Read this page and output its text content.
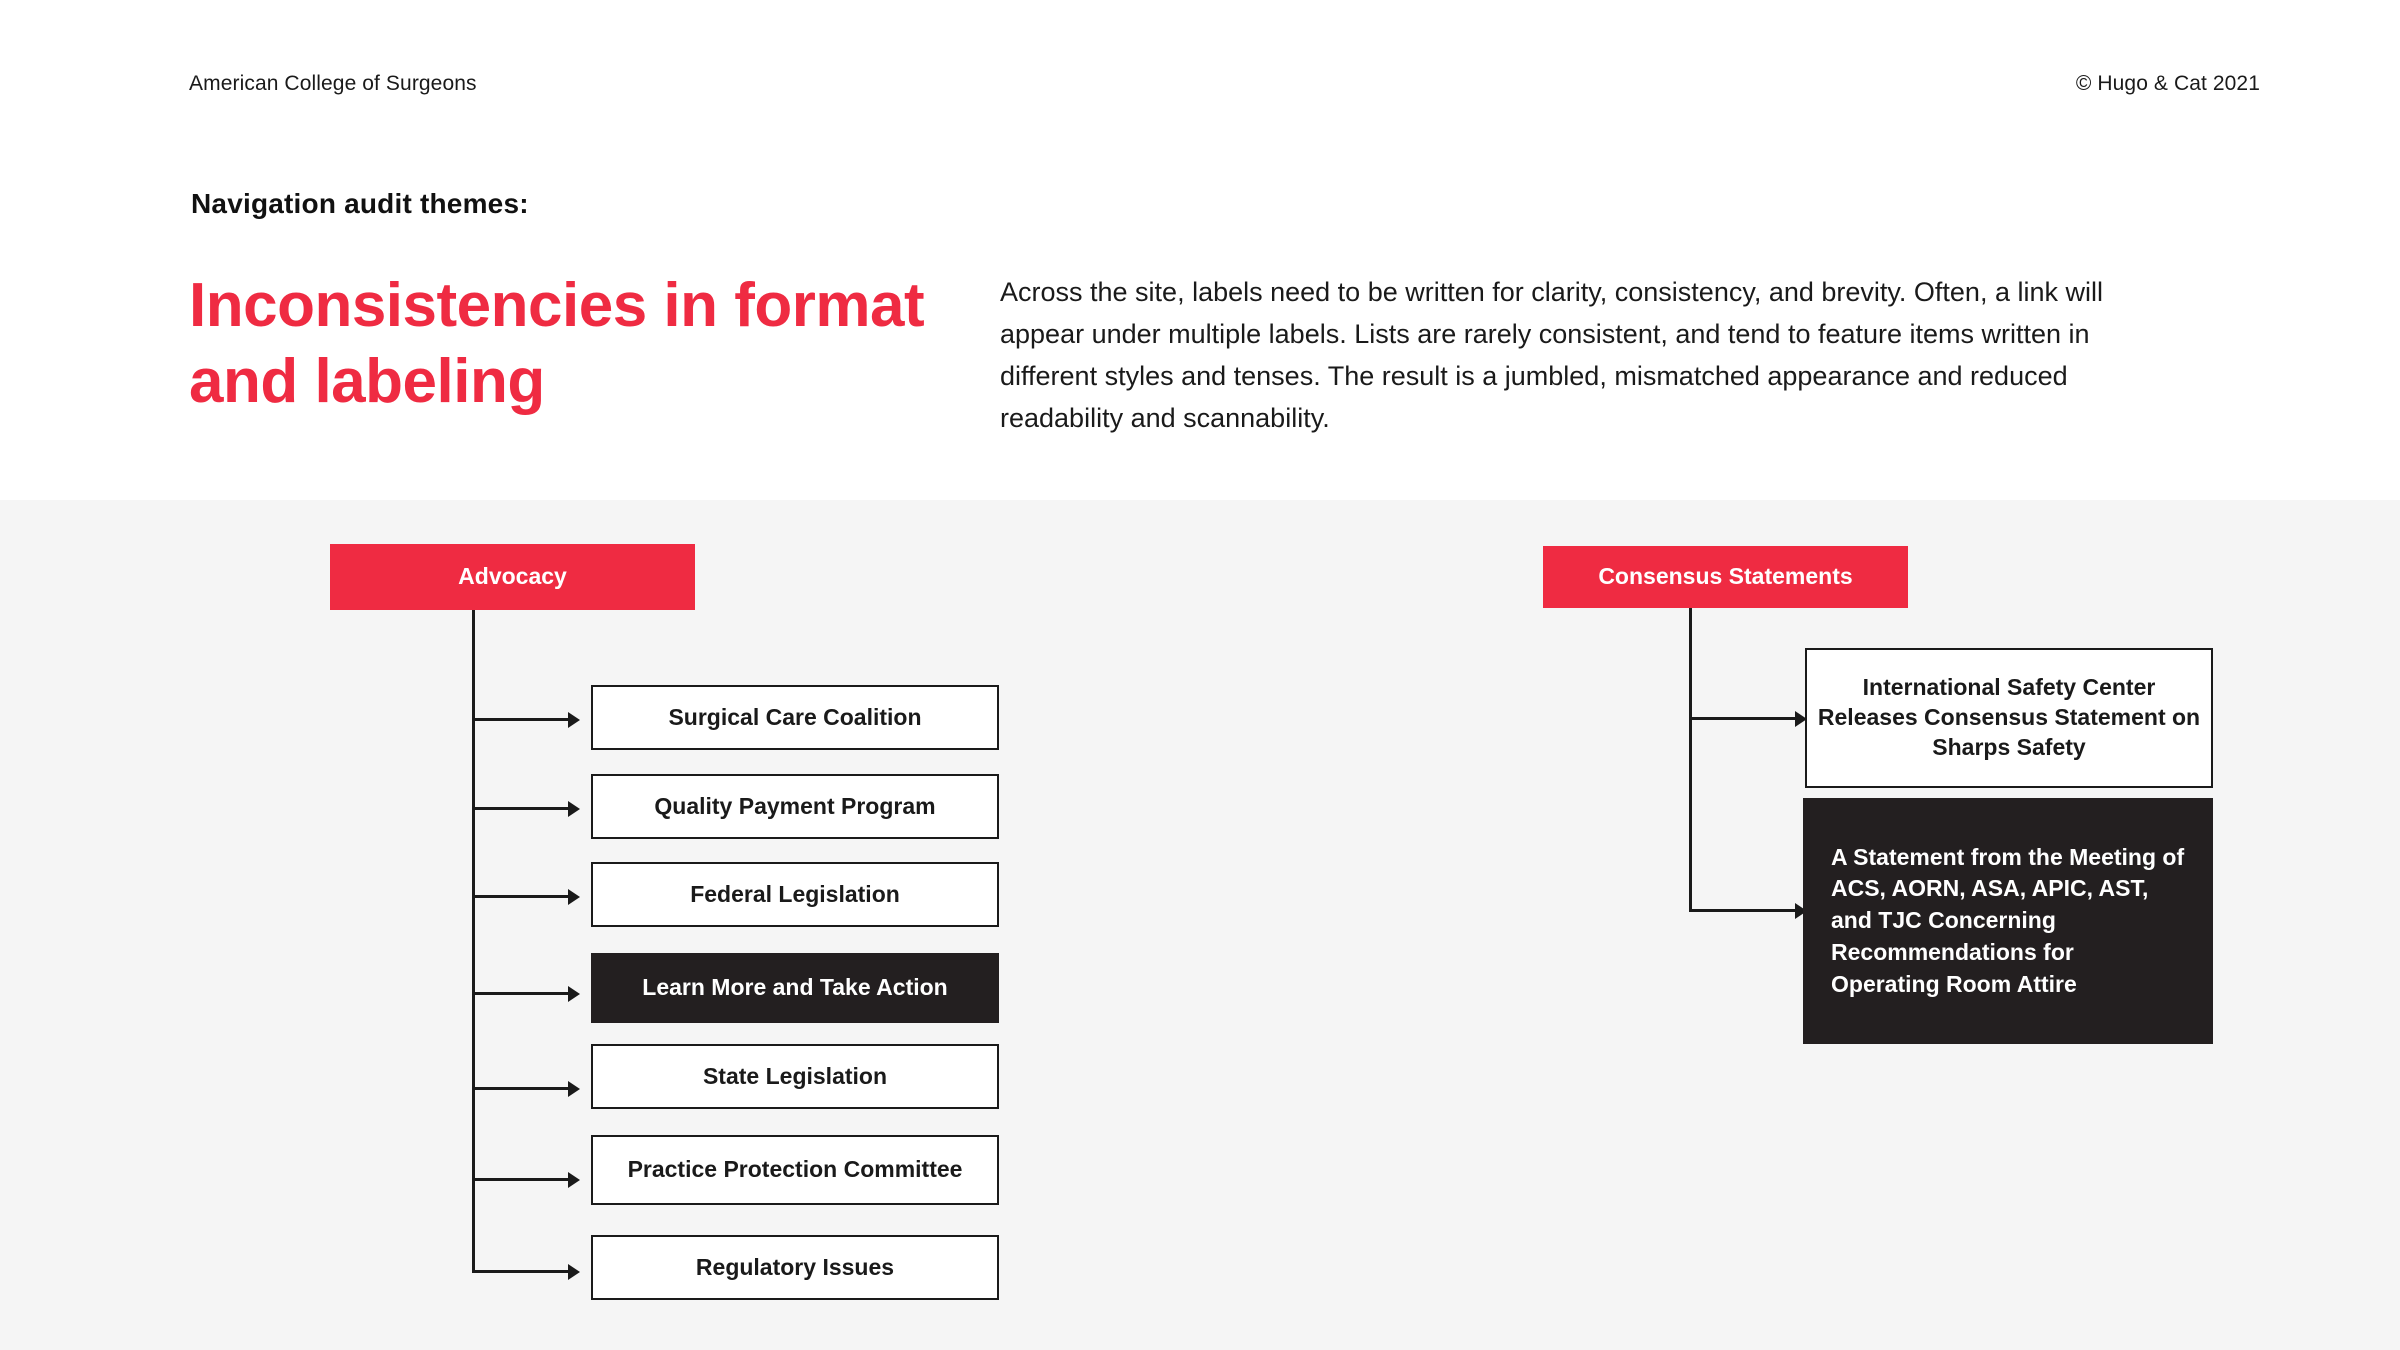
American College of Surgeons	© Hugo & Cat 2021
Navigation audit themes:
Inconsistencies in format and labeling
Across the site, labels need to be written for clarity, consistency, and brevity. Often, a link will appear under multiple labels. Lists are rarely consistent, and tend to feature items written in different styles and tenses. The result is a jumbled, mismatched appearance and reduced readability and scannability.
Advocacy
Surgical Care Coalition
Quality Payment Program
Federal Legislation
Learn More and Take Action
State Legislation
Practice Protection Committee
Regulatory Issues
Consensus Statements
International Safety Center Releases Consensus Statement on Sharps Safety
A Statement from the Meeting of ACS, AORN, ASA, APIC, AST, and TJC Concerning Recommendations for Operating Room Attire
